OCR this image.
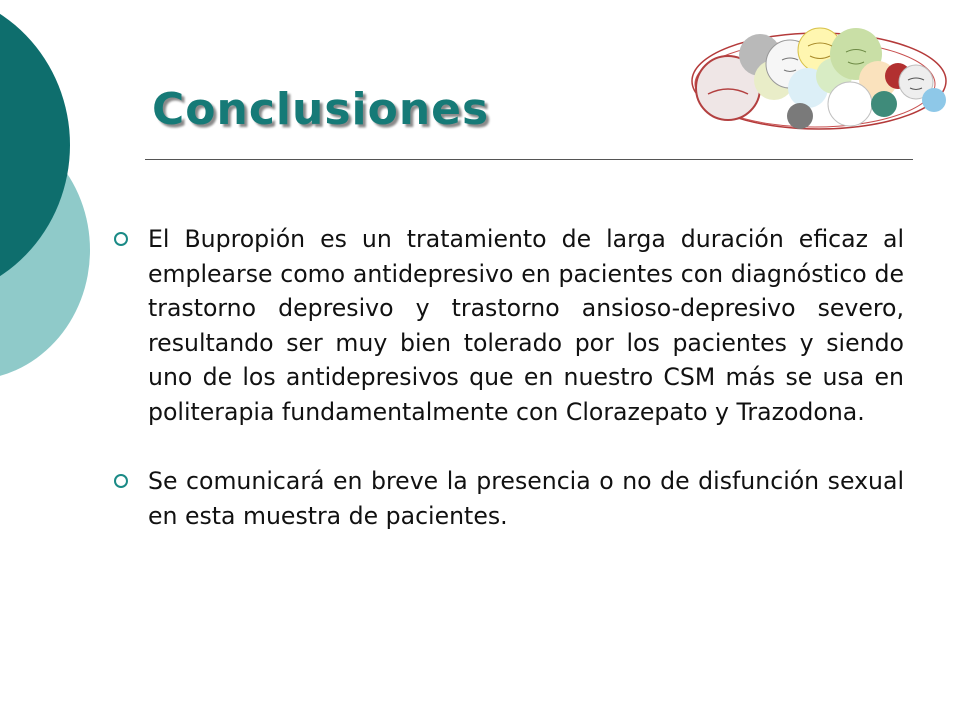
Conclusiones
El Bupropión es un tratamiento de larga duración eficaz al emplearse como antidepresivo en pacientes con diagnóstico de trastorno depresivo y trastorno ansioso-depresivo severo, resultando ser muy bien tolerado por los pacientes y siendo uno de los antidepresivos que en nuestro CSM más se usa en politerapia fundamentalmente con Clorazepato y Trazodona.
Se comunicará en breve la presencia o no de disfunción sexual en esta muestra de pacientes.
